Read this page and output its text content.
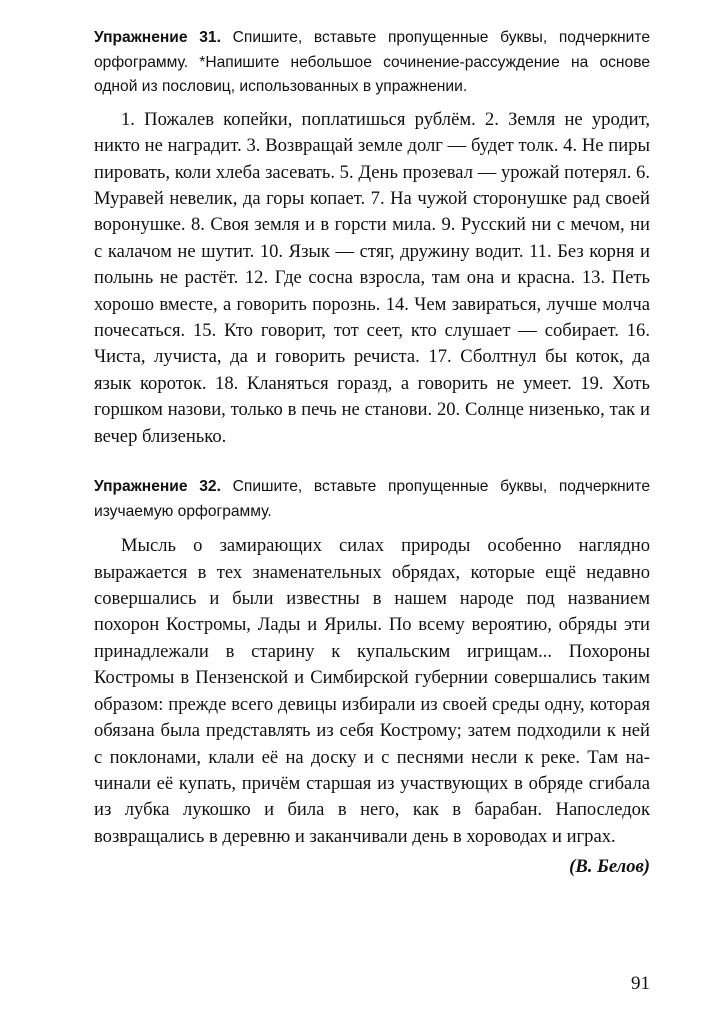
Упражнение 31. Спишите, вставьте пропущенные буквы, подчеркните орфограмму. *Напишите небольшое сочинение-рассуждение на основе одной из пословиц, использованных в упражнении.

1. Пожалев копейки, поплатишься рублём. 2. Земля не уродит, никто не наградит. 3. Возвращай земле долг — будет толк. 4. Не пиры пировать, коли хлеба засевать. 5. День прозевал — урожай потерял. 6. Муравей невелик, да горы копает. 7. На чужой сторонушке рад своей воронушке. 8. Своя земля и в горсти мила. 9. Русский ни с мечом, ни с калачом не шутит. 10. Язык — стяг, дружину водит. 11. Без корня и полынь не растёт. 12. Где сосна взросла, там она и красна. 13. Петь хорошо вместе, а говорить порознь. 14. Чем завираться, лучше молча почесаться. 15. Кто говорит, тот сеет, кто слушает — собирает. 16. Чиста, лучиста, да и говорить речиста. 17. Сболтнул бы коток, да язык короток. 18. Кланяться горазд, а говорить не умеет. 19. Хоть горшком назови, только в печь не станови. 20. Солнце низенько, так и вечер близенько.

Упражнение 32. Спишите, вставьте пропущенные буквы, подчеркните изучаемую орфограмму.

Мысль о замирающих силах природы особенно наглядно выражается в тех знаменательных обрядах, которые ещё недавно совершались и были известны в нашем народе под названием похорон Костромы, Лады и Ярилы. По всему вероятию, обряды эти принадлежали в старину к купальским игрищам... Похороны Костромы в Пензенской и Симбирской губернии совершались таким образом: прежде всего девицы избирали из своей среды одну, которая обязана была представлять из себя Кострому; затем подходили к ней с поклонами, клали её на доску и с песнями несли к реке. Там начинали её купать, причём старшая из участвующих в обряде сгибала из лубка лукошко и била в него, как в барабан. Напоследок возвращались в деревню и заканчивали день в хороводах и играх.

(В. Белов)
91
